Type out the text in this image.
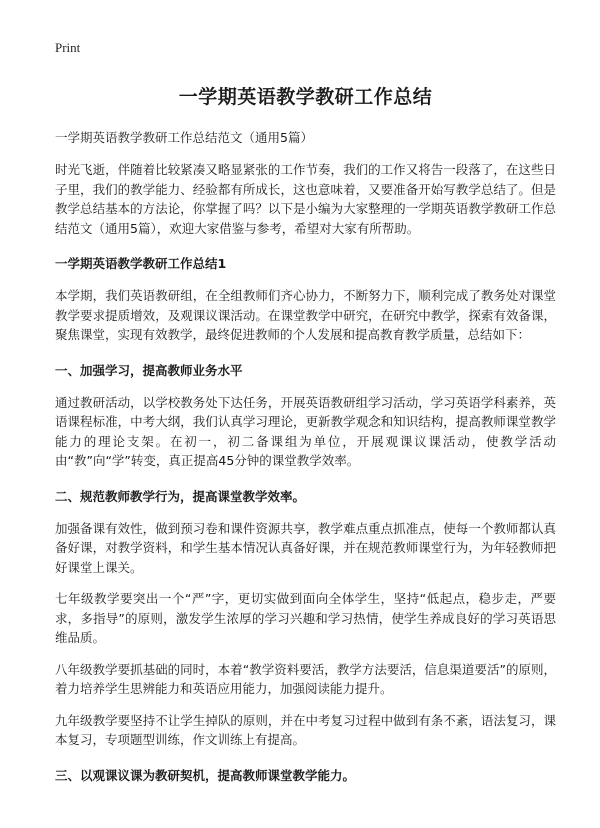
Print
一学期英语教学教研工作总结
一学期英语教学教研工作总结范文（通用5篇）

时光飞逝，伴随着比较紧凑又略显紧张的工作节奏，我们的工作又将告一段落了，在这些日子里，我们的教学能力、经验都有所成长，这也意味着，又要准备开始写教学总结了。但是教学总结基本的方法论，你掌握了吗？以下是小编为大家整理的一学期英语教学教研工作总结范文（通用5篇），欢迎大家借鉴与参考，希望对大家有所帮助。

一学期英语教学教研工作总结1

本学期，我们英语教研组，在全组教师们齐心协力，不断努力下，顺利完成了教务处对课堂教学要求提质增效，及观课议课活动。在课堂教学中研究，在研究中教学，探索有效备课，聚焦课堂，实现有效教学，最终促进教师的个人发展和提高教育教学质量，总结如下：

一、加强学习，提高教师业务水平

通过教研活动，以学校教务处下达任务，开展英语教研组学习活动，学习英语学科素养，英语课程标准，中考大纲，我们认真学习理论，更新教学观念和知识结构，提高教师课堂教学能力的理论支架。在初一，初二备课组为单位，开展观课议课活动，使教学活动由“教”向“学”转变，真正提高45分钟的课堂教学效率。

二、规范教师教学行为，提高课堂教学效率。

加强备课有效性，做到预习卷和课件资源共享，教学难点重点抓准点，使每一个教师都认真备好课，对教学资料，和学生基本情况认真备好课，并在规范教师课堂行为，为年轻教师把好课堂上课关。

七年级教学要突出一个“严”字，更切实做到面向全体学生，坚持“低起点，稳步走，严要求，多指导”的原则，激发学生浓厚的学习兴趣和学习热情，使学生养成良好的学习英语思维品质。

八年级教学要抓基础的同时，本着“教学资料要活，教学方法要活，信息渠道要活”的原则，着力培养学生思辨能力和英语应用能力，加强阅读能力提升。

九年级教学要坚持不让学生掉队的原则，并在中考复习过程中做到有条不紊，语法复习，课本复习，专项题型训练，作文训练上有提高。

三、以观课议课为教研契机，提高教师课堂教学能力。
